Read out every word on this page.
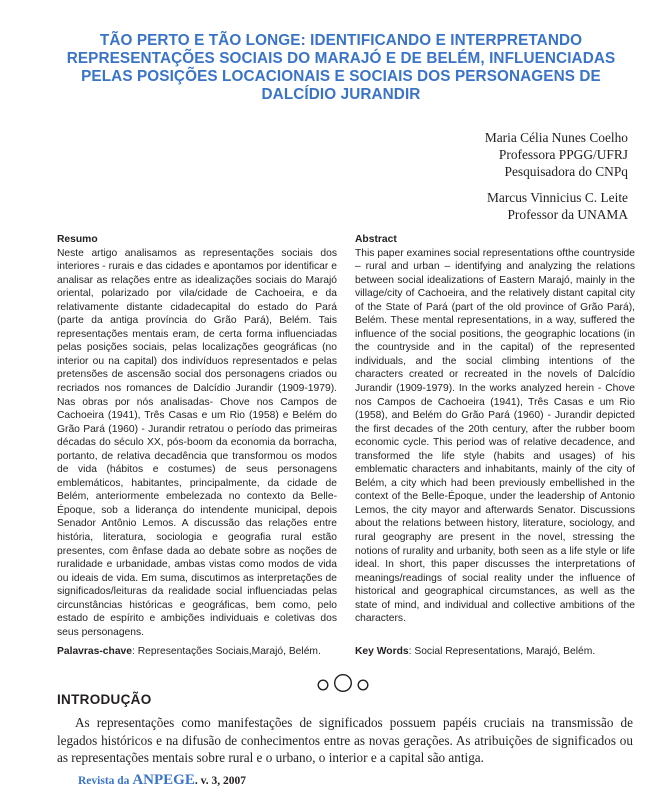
TÃO PERTO E TÃO LONGE: IDENTIFICANDO E INTERPRETANDO REPRESENTAÇÕES SOCIAIS DO MARAJÓ E DE BELÉM, INFLUENCIADAS PELAS POSIÇÕES LOCACIONAIS E SOCIAIS DOS PERSONAGENS DE DALCÍDIO JURANDIR
Maria Célia Nunes Coelho
Professora PPGG/UFRJ
Pesquisadora do CNPq
Marcus Vinnicius C. Leite
Professor da UNAMA
Resumo
Neste artigo analisamos as representações sociais dos interiores - rurais e das cidades e apontamos por identificar e analisar as relações entre as idealizações sociais do Marajó oriental, polarizado por vila/cidade de Cachoeira, e da relativamente distante cidadecapital do estado do Pará (parte da antiga província do Grão Pará), Belém. Tais representações mentais eram, de certa forma influenciadas pelas posições sociais, pelas localizações geográficas (no interior ou na capital) dos indivíduos representados e pelas pretensões de ascensão social dos personagens criados ou recriados nos romances de Dalcídio Jurandir (1909-1979). Nas obras por nós analisadas- Chove nos Campos de Cachoeira (1941), Três Casas e um Rio (1958) e Belém do Grão Pará (1960) - Jurandir retratou o período das primeiras décadas do século XX, pós-boom da economia da borracha, portanto, de relativa decadência que transformou os modos de vida (hábitos e costumes) de seus personagens emblemáticos, habitantes, principalmente, da cidade de Belém, anteriormente embelezada no contexto da Belle-Époque, sob a liderança do intendente municipal, depois Senador Antônio Lemos. A discussão das relações entre história, literatura, sociologia e geografia rural estão presentes, com ênfase dada ao debate sobre as noções de ruralidade e urbanidade, ambas vistas como modos de vida ou ideais de vida. Em suma, discutimos as interpretações de significados/leituras da realidade social influenciadas pelas circunstâncias históricas e geográficas, bem como, pelo estado de espírito e ambições individuais e coletivas dos seus personagens.
Abstract
This paper examines social representations ofthe countryside – rural and urban – identifying and analyzing the relations between social idealizations of Eastern Marajó, mainly in the village/city of Cachoeira, and the relatively distant capital city of the State of Pará (part of the old province of Grão Pará), Belém. These mental representations, in a way, suffered the influence of the social positions, the geographic locations (in the countryside and in the capital) of the represented individuals, and the social climbing intentions of the characters created or recreated in the novels of Dalcídio Jurandir (1909-1979). In the works analyzed herein - Chove nos Campos de Cachoeira (1941), Três Casas e um Rio (1958), and Belém do Grão Pará (1960) - Jurandir depicted the first decades of the 20th century, after the rubber boom economic cycle. This period was of relative decadence, and transformed the life style (habits and usages) of his emblematic characters and inhabitants, mainly of the city of Belém, a city which had been previously embellished in the context of the Belle-Époque, under the leadership of Antonio Lemos, the city mayor and afterwards Senator. Discussions about the relations between history, literature, sociology, and rural geography are present in the novel, stressing the notions of rurality and urbanity, both seen as a life style or life ideal. In short, this paper discusses the interpretations of meanings/readings of social reality under the influence of historical and geographical circumstances, as well as the state of mind, and individual and collective ambitions of the characters.
Palavras-chave: Representações Sociais,Marajó, Belém.	Key Words: Social Representations, Marajó, Belém.
INTRODUÇÃO
As representações como manifestações de significados possuem papéis cruciais na transmissão de legados históricos e na difusão de conhecimentos entre as novas gerações. As atribuições de significados ou as representações mentais sobre rural e o urbano, o interior e a capital são antiga.
Revista da ANPEGE. v. 3, 2007
